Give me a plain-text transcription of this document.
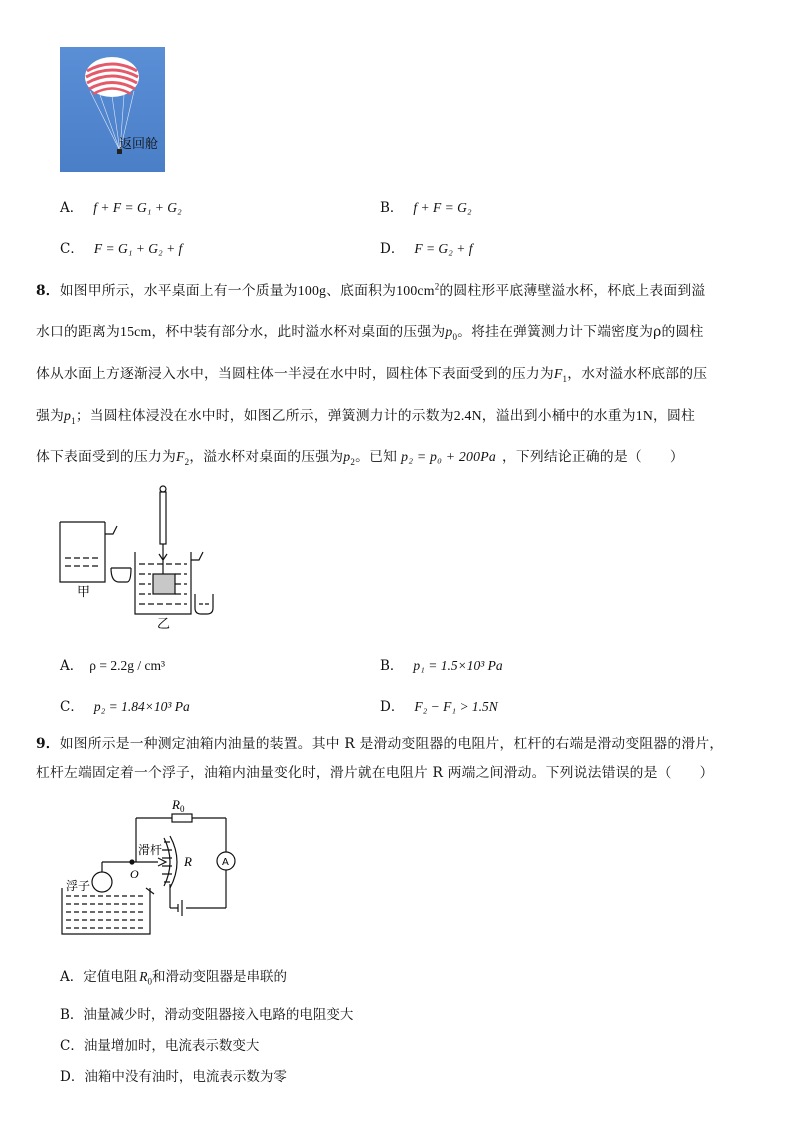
返回舱
A． f + F = G₁ + G₂	B． f + F = G₂
C． F = G₁ + G₂ + f	D． F = G₂ + f
8．如图甲所示，水平桌面上有一个质量为100g、底面积为$100cm^2$的圆柱形平底薄壁溢水杯，杯底上表面到溢
水口的距离为15cm，杯中装有部分水，此时溢水杯对桌面的压强为$p_0$。将挂在弹簧测力计下端密度为ρ的圆柱
体从水面上方逐渐浸入水中，当圆柱体一半浸在水中时，圆柱体下表面受到的压力为$F_1$，水对溢水杯底部的压
强为$p_1$；当圆柱体浸没在水中时，如图乙所示，弹簧测力计的示数为2.4N，溢出到小桶中的水重为1N，圆柱
体下表面受到的压力为$F_2$，溢水杯对桌面的压强为$p_2$。已知 p₂ = p₀ + 200Pa ，下列结论正确的是（　　）
甲
乙
A． ρ = 2.2g / cm³	B． p₁ = 1.5×10³ Pa
C． p₂ = 1.84×10³ Pa	D． F₂ − F₁ > 1.5N
9．如图所示是一种测定油箱内油量的装置。其中 R 是滑动变阻器的电阻片，杠杆的右端是滑动变阻器的滑片，
杠杆左端固定着一个浮子，油箱内油量变化时，滑片就在电阻片 R 两端之间滑动。下列说法错误的是（　　）
$R_0$
滑杆
O
R
浮子
A
A．定值电阻 $R_0$和滑动变阻器是串联的
B．油量减少时，滑动变阻器接入电路的电阻变大
C．油量增加时，电流表示数变大
D．油箱中没有油时，电流表示数为零
